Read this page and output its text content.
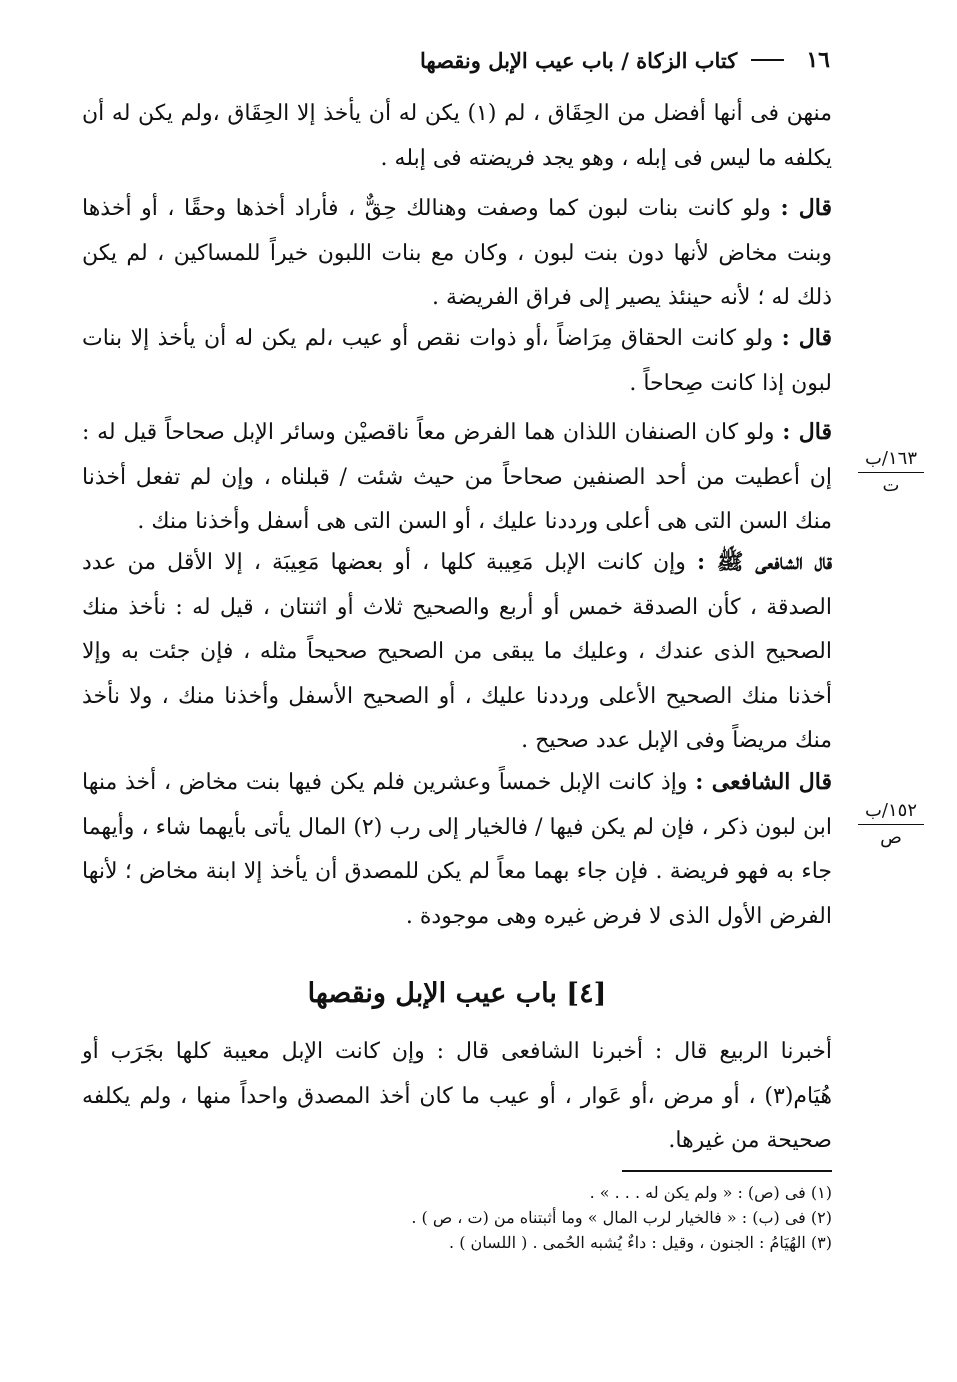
١٦
كتاب الزكاة / باب عيب الإبل ونقصها
منهن فى أنها أفضل من الحِقَاق ، لم (١) يكن له أن يأخذ إلا الحِقَاق ،ولم يكن له أن يكلفه ما ليس فى إبله ، وهو يجد فريضته فى إبله .
قال : ولو كانت بنات لبون كما وصفت وهنالك حِقٌّ ، فأراد أخذها وحقًا ، أو أخذها وبنت مخاض لأنها دون بنت لبون ، وكان مع بنات اللبون خيراً للمساكين ، لم يكن ذلك له ؛ لأنه حينئذ يصير إلى فراق الفريضة .
قال : ولو كانت الحقاق مِرَاضاً ،أو ذوات نقص أو عيب ،لم يكن له أن يأخذ إلا بنات لبون إذا كانت صِحاحاً .
قال : ولو كان الصنفان اللذان هما الفرض معاً ناقصيْن وسائر الإبل صحاحاً قيل له : إن أعطيت من أحد الصنفين صحاحاً من حيث شئت / قبلناه ، وإن لم تفعل أخذنا منك السن التى هى أعلى ورددنا عليك ، أو السن التى هى أسفل وأخذنا منك .
قال الشافعى ﷺ : وإن كانت الإبل مَعِيبة كلها ، أو بعضها مَعِيبَة ، إلا الأقل من عدد الصدقة ، كأن الصدقة خمس أو أربع والصحيح ثلاث أو اثنتان ، قيل له : نأخذ منك الصحيح الذى عندك ، وعليك ما يبقى من الصحيح صحيحاً مثله ، فإن جئت به وإلا أخذنا منك الصحيح الأعلى ورددنا عليك ، أو الصحيح الأسفل وأخذنا منك ، ولا نأخذ منك مريضاً وفى الإبل عدد صحيح .
قال الشافعى : وإذ كانت الإبل خمساً وعشرين فلم يكن فيها بنت مخاض ، أخذ منها ابن لبون ذكر ، فإن لم يكن فيها / فالخيار إلى رب (٢) المال يأتى بأيهما شاء ، وأيهما جاء به فهو فريضة . فإن جاء بهما معاً لم يكن للمصدق أن يأخذ إلا ابنة مخاض ؛ لأنها الفرض الأول الذى لا فرض غيره وهى موجودة .
١٦٣/ب
ت
١٥٢/ب
ص
[٤] باب عيب الإبل ونقصها
أخبرنا الربيع قال : أخبرنا الشافعى قال : وإن كانت الإبل معيبة كلها بجَرَب أو هُيَام(٣) ، أو مرض ،أو عَوار ، أو عيب ما كان أخذ المصدق واحداً منها ، ولم يكلفه صحيحة من غيرها.
(١) فى (ص) : « ولم يكن له . . . » .
(٢) فى (ب) : « فالخيار لرب المال » وما أثبتناه من (ت ، ص ) .
(٣) الهُيَامُ : الجنون ، وقيل : داءٌ يُشبه الحُمى . ( اللسان ) .
